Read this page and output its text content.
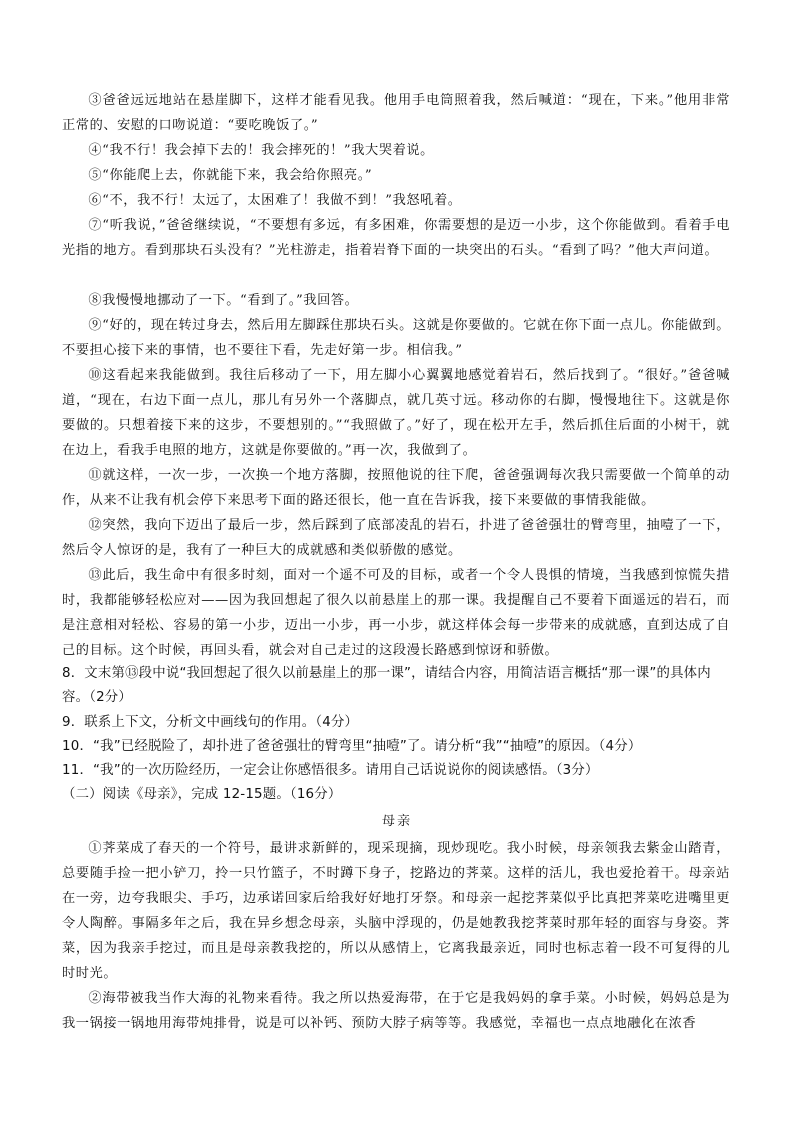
③爸爸远远地站在悬崖脚下，这样才能看见我。他用手电筒照着我，然后喊道：“现在，下来。”他用非常正常的、安慰的口吻说道：“要吃晚饭了。”

④“我不行！我会掉下去的！我会摔死的！”我大哭着说。

⑤“你能爬上去，你就能下来，我会给你照亮。”

⑥“不，我不行！太远了，太困难了！我做不到！”我怒吼着。

⑦“听我说，”爸爸继续说，“不要想有多远，有多困难，你需要想的是迈一小步，这个你能做到。看着手电光指的地方。看到那块石头没有？”光柱游走，指着岩脊下面的一块突出的石头。“看到了吗？”他大声问道。

⑧我慢慢地挪动了一下。“看到了。”我回答。

⑨“好的，现在转过身去，然后用左脚踩住那块石头。这就是你要做的。它就在你下面一点儿。你能做到。不要担心接下来的事情，也不要往下看，先走好第一步。相信我。”

⑩这看起来我能做到。我往后移动了一下，用左脚小心翼翼地感觉着岩石，然后找到了。“很好。”爸爸喊道，“现在，右边下面一点儿，那儿有另外一个落脚点，就几英寸远。移动你的右脚，慢慢地往下。这就是你要做的。只想着接下来的这步，不要想别的。”“我照做了。”好了，现在松开左手，然后抓住后面的小树干，就在边上，看我手电照的地方，这就是你要做的。”再一次，我做到了。

⑪就这样，一次一步，一次换一个地方落脚，按照他说的往下爬，爸爸强调每次我只需要做一个简单的动作，从来不让我有机会停下来思考下面的路还很长，他一直在告诉我，接下来要做的事情我能做。

⑫突然，我向下迈出了最后一步，然后踩到了底部凌乱的岩石，扑进了爸爸强壮的臂弯里，抽噎了一下，然后令人惊讶的是，我有了一种巨大的成就感和类似骄傲的感觉。

⑬此后，我生命中有很多时刻，面对一个遥不可及的目标，或者一个令人畏惧的情境，当我感到惊慌失措时，我都能够轻松应对——因为我回想起了很久以前悬崖上的那一课。我提醒自己不要着下面遥远的岩石，而是注意相对轻松、容易的第一小步，迈出一小步，再一小步，就这样体会每一步带来的成就感，直到达成了自己的目标。这个时候，再回头看，就会对自己走过的这段漫长路感到惊讶和骄傲。

8．文末第⑬段中说“我回想起了很久以前悬崖上的那一课”，请结合内容，用简洁语言概括“那一课”的具体内容。（2分）

9．联系上下文，分析文中画线句的作用。（4分）

10．“我”已经脱险了，却扑进了爸爸强壮的臂弯里“抽噎”了。请分析“我”“抽噎”的原因。（4分）

11．“我”的一次历险经历，一定会让你感悟很多。请用自己话说说你的阅读感悟。（3分）

（二）阅读《母亲》，完成 12-15题。（16分）

母亲

①荠菜成了春天的一个符号，最讲求新鲜的，现采现摘，现炒现吃。我小时候，母亲领我去紫金山踏青，总要随手捡一把小铲刀，拎一只竹篮子，不时蹲下身子，挖路边的荠菜。这样的活儿，我也爱抢着干。母亲站在一旁，边夸我眼尖、手巧，边承诺回家后给我好好地打牙祭。和母亲一起挖荠菜似乎比真把荠菜吃进嘴里更令人陶醉。事隔多年之后，我在异乡想念母亲，头脑中浮现的，仍是她教我挖荠菜时那年轻的面容与身姿。荠菜，因为我亲手挖过，而且是母亲教我挖的，所以从感情上，它离我最亲近，同时也标志着一段不可复得的儿时时光。

②海带被我当作大海的礼物来看待。我之所以热爱海带，在于它是我妈妈的拿手菜。小时候，妈妈总是为我一锅接一锅地用海带炖排骨，说是可以补钙、预防大脖子病等等。我感觉，幸福也一点点地融化在浓香
